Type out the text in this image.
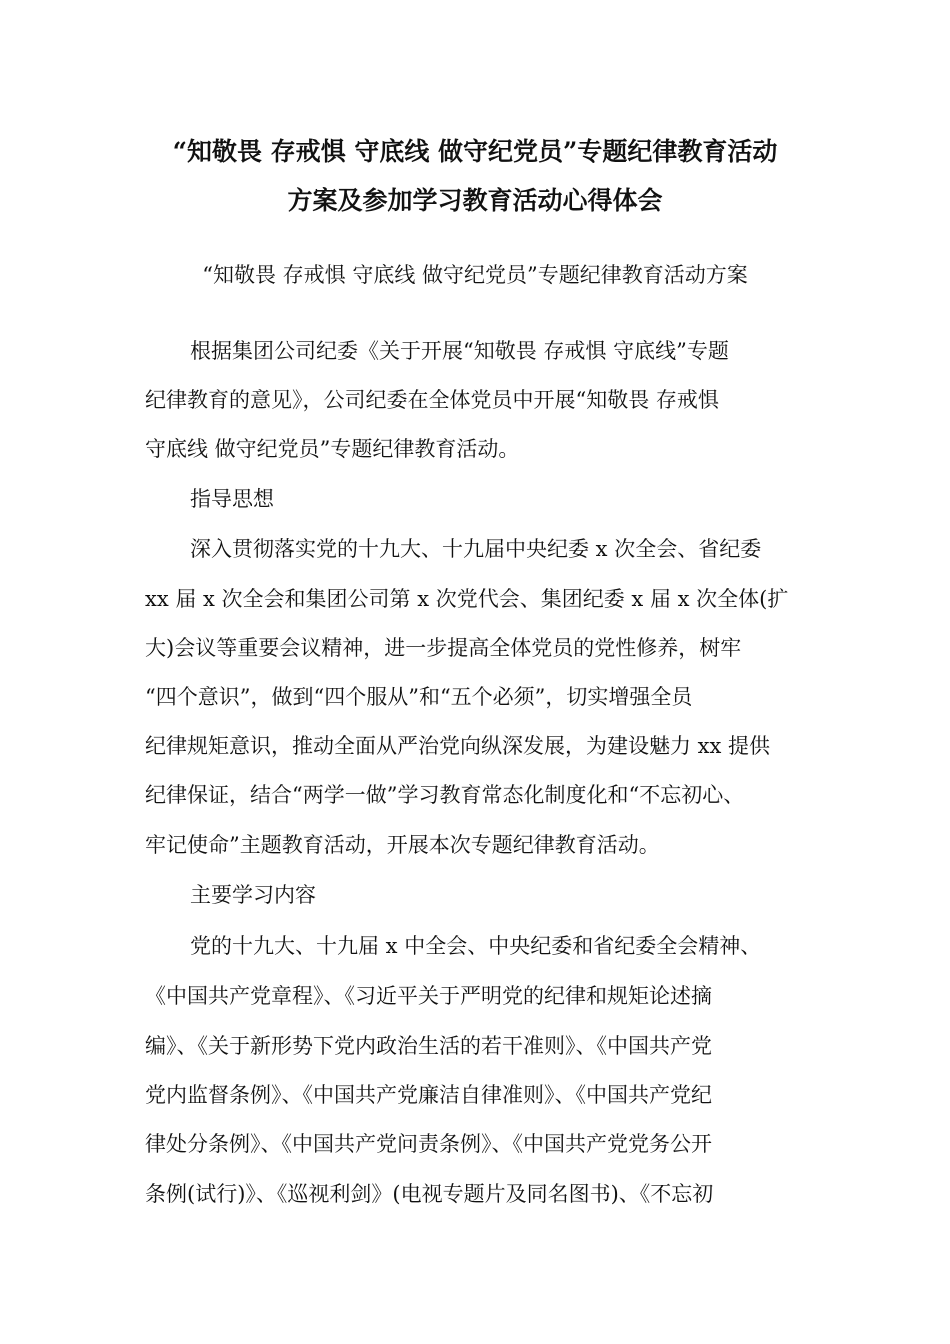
“知敬畏 存戒惧 守底线 做守纪党员”专题纪律教育活动
方案及参加学习教育活动心得体会
“知敬畏 存戒惧 守底线 做守纪党员”专题纪律教育活动方案
根据集团公司纪委《关于开展“知敬畏 存戒惧 守底线”专题
纪律教育的意见》，公司纪委在全体党员中开展“知敬畏 存戒惧
守底线 做守纪党员”专题纪律教育活动。
指导思想
深入贯彻落实党的十九大、十九届中央纪委 x 次全会、省纪委
xx 届 x 次全会和集团公司第 x 次党代会、集团纪委 x 届 x 次全体(扩
大)会议等重要会议精神，进一步提高全体党员的党性修养，树牢
“四个意识”，做到“四个服从”和“五个必须”，切实增强全员
纪律规矩意识，推动全面从严治党向纵深发展，为建设魅力 xx 提供
纪律保证，结合“两学一做”学习教育常态化制度化和“不忘初心、
牢记使命”主题教育活动，开展本次专题纪律教育活动。
主要学习内容
党的十九大、十九届 x 中全会、中央纪委和省纪委全会精神、
《中国共产党章程》、《习近平关于严明党的纪律和规矩论述摘
编》、《关于新形势下党内政治生活的若干准则》、《中国共产党
党内监督条例》、《中国共产党廉洁自律准则》、《中国共产党纪
律处分条例》、《中国共产党问责条例》、《中国共产党党务公开
条例(试行)》、《巡视利剑》(电视专题片及同名图书)、《不忘初
